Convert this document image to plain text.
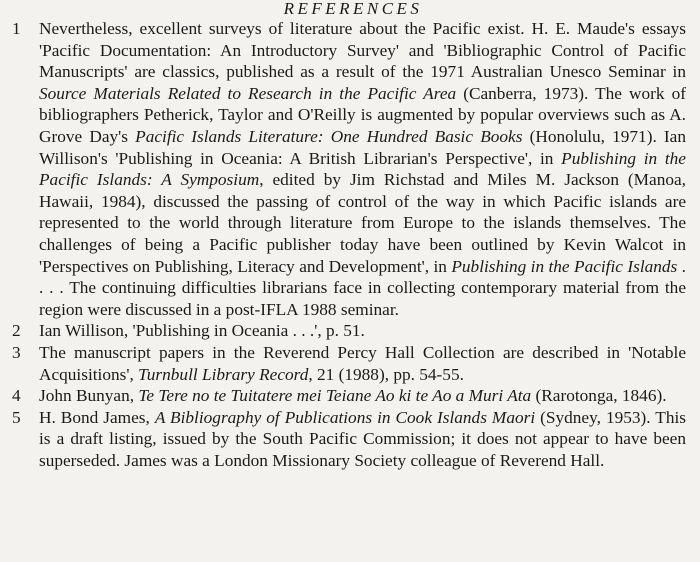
REFERENCES
1	Nevertheless, excellent surveys of literature about the Pacific exist. H. E. Maude's essays 'Pacific Documentation: An Introductory Survey' and 'Bibliographic Control of Pacific Manuscripts' are classics, published as a result of the 1971 Australian Unesco Seminar in Source Materials Related to Research in the Pacific Area (Canberra, 1973). The work of bibliographers Petherick, Taylor and O'Reilly is augmented by popular overviews such as A. Grove Day's Pacific Islands Literature: One Hundred Basic Books (Honolulu, 1971). Ian Willison's 'Publishing in Oceania: A British Librarian's Perspective', in Publishing in the Pacific Islands: A Symposium, edited by Jim Richstad and Miles M. Jackson (Manoa, Hawaii, 1984), discussed the passing of control of the way in which Pacific islands are represented to the world through literature from Europe to the islands themselves. The challenges of being a Pacific publisher today have been outlined by Kevin Walcot in 'Perspectives on Publishing, Literacy and Development', in Publishing in the Pacific Islands . . . . The continuing difficulties librarians face in collecting contemporary material from the region were discussed in a post-IFLA 1988 seminar.
2	Ian Willison, 'Publishing in Oceania . . .', p. 51.
3	The manuscript papers in the Reverend Percy Hall Collection are described in 'Notable Acquisitions', Turnbull Library Record, 21 (1988), pp. 54-55.
4	John Bunyan, Te Tere no te Tuitatere mei Teiane Ao ki te Ao a Muri Ata (Rarotonga, 1846).
5	H. Bond James, A Bibliography of Publications in Cook Islands Maori (Sydney, 1953). This is a draft listing, issued by the South Pacific Commission; it does not appear to have been superseded. James was a London Missionary Society colleague of Reverend Hall.
